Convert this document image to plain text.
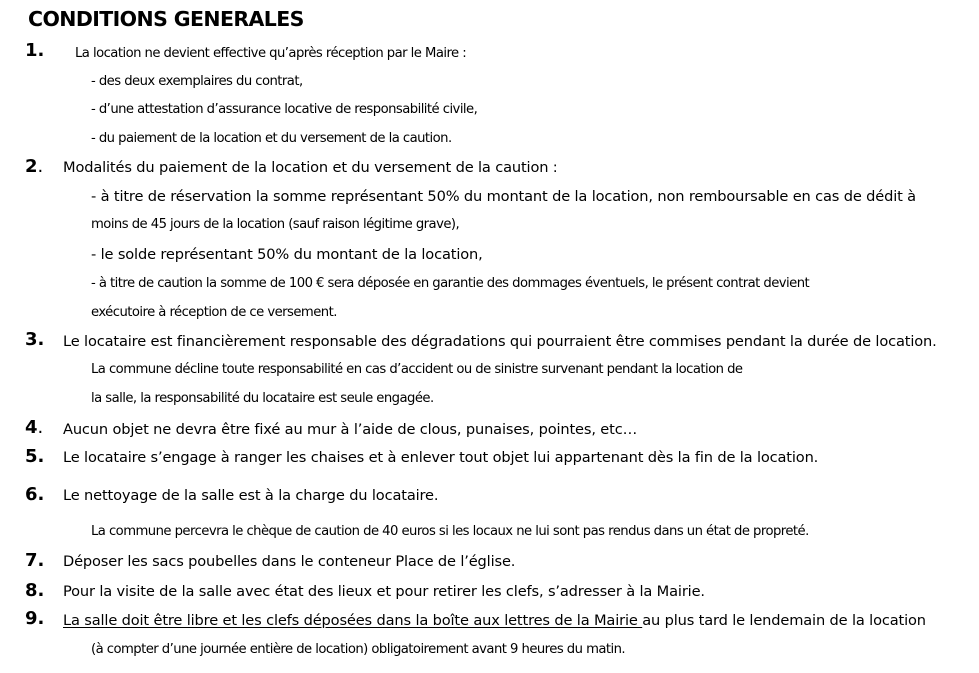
CONDITIONS GENERALES
1. La location ne devient effective qu’après réception par le Maire :
- des deux exemplaires du contrat,
- d’une attestation d’assurance locative de responsabilité civile,
- du paiement de la location et du versement de la caution.
2. Modalités du paiement de la location et du versement de la caution :
- à titre de réservation la somme représentant 50% du montant de la location, non remboursable en cas de dédit à
moins de 45 jours de la location (sauf raison légitime grave),
- le solde représentant 50% du montant de la location,
- à titre de caution la somme de 100 € sera déposée en garantie des dommages éventuels, le présent contrat devient
exécutoire à réception de ce versement.
3. Le locataire est financièrement responsable des dégradations qui pourraient être commises pendant la durée de location.
La commune décline toute responsabilité en cas d’accident ou de sinistre survenant pendant la location de
la salle, la responsabilité du locataire est seule engagée.
4. Aucun objet ne devra être fixé au mur à l’aide de clous, punaises, pointes, etc…
5. Le locataire s’engage à ranger les chaises et à enlever tout objet lui appartenant dès la fin de la location.
6. Le nettoyage de la salle est à la charge du locataire.
La commune percevra le chèque de caution de 40 euros si les locaux ne lui sont pas rendus dans un état de propreté.
7. Déposer les sacs poubelles dans le conteneur Place de l’église.
8. Pour la visite de la salle avec état des lieux et pour retirer les clefs, s’adresser à la Mairie.
9. La salle doit être libre et les clefs déposées dans la boîte aux lettres de la Mairie au plus tard le lendemain de la location
(à compter d’une journée entière de location) obligatoirement avant 9 heures du matin.
